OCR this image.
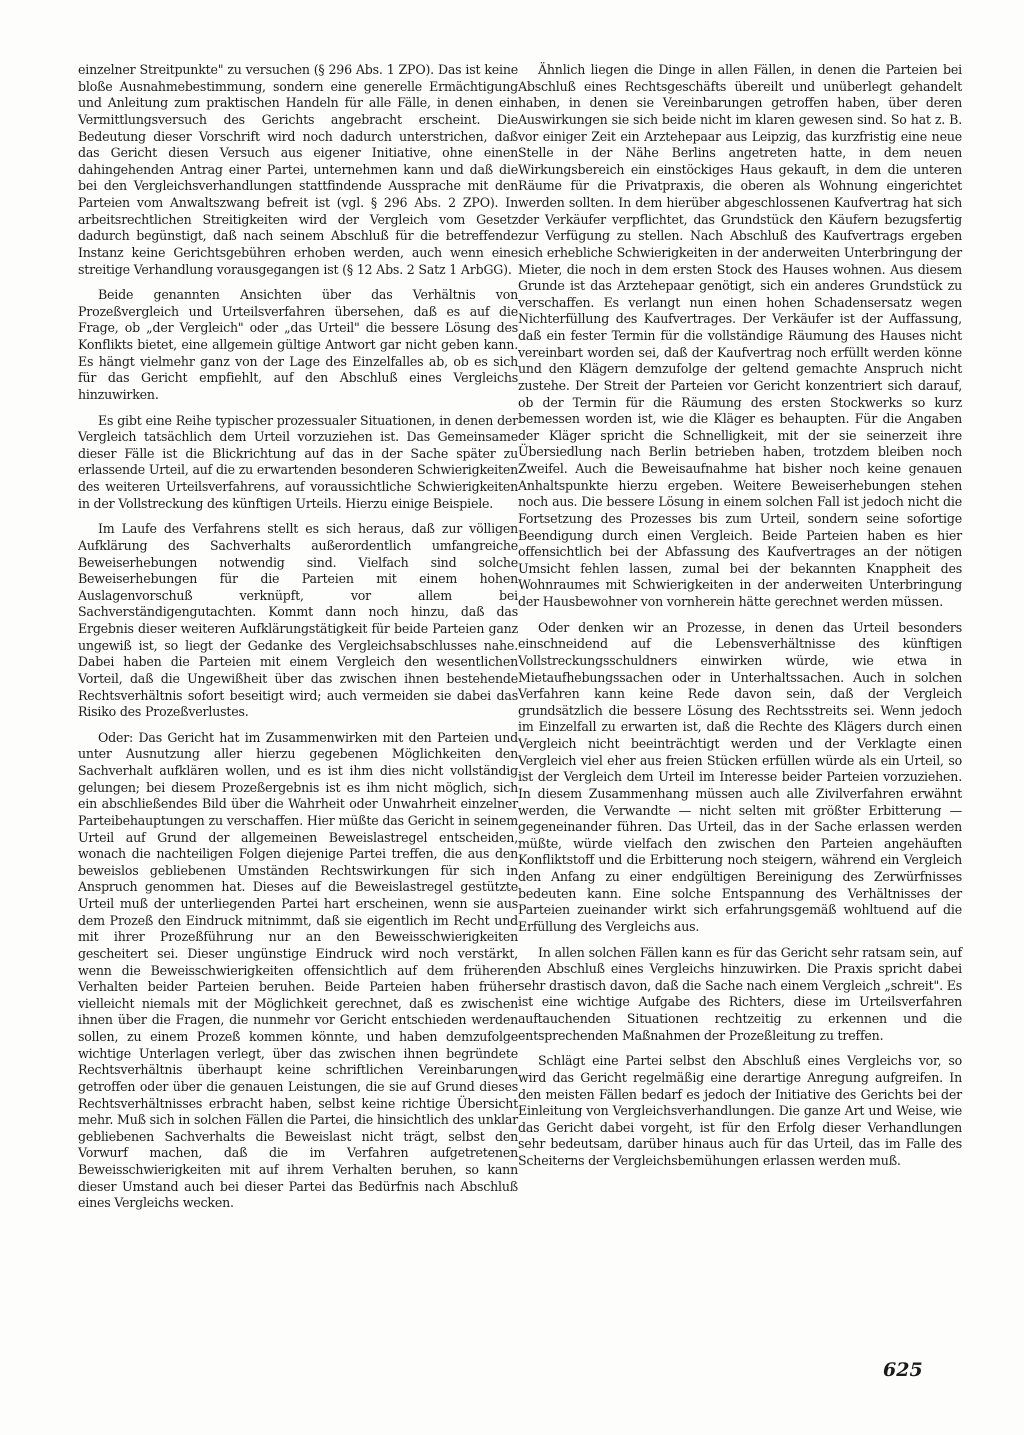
einzelner Streitpunkte" zu versuchen (§ 296 Abs. 1 ZPO). Das ist keine bloße Ausnahmebestimmung, sondern eine generelle Ermächtigung und Anleitung zum praktischen Handeln für alle Fälle, in denen ein Vermittlungsversuch des Gerichts angebracht erscheint. Die Bedeutung dieser Vorschrift wird noch dadurch unterstrichen, daß das Gericht diesen Versuch aus eigener Initiative, ohne einen dahingehenden Antrag einer Partei, unternehmen kann und daß die bei den Vergleichsverhandlungen stattfindende Aussprache mit den Parteien vom Anwaltszwang befreit ist (vgl. § 296 Abs. 2 ZPO). In arbeitsrechtlichen Streitigkeiten wird der Vergleich vom Gesetz dadurch begünstigt, daß nach seinem Abschluß für die betreffende Instanz keine Gerichtsgebühren erhoben werden, auch wenn eine streitige Verhandlung vorausgegangen ist (§ 12 Abs. 2 Satz 1 ArbGG).

Beide genannten Ansichten über das Verhältnis von Prozeßvergleich und Urteilsverfahren übersehen, daß es auf die Frage, ob „der Vergleich" oder „das Urteil" die bessere Lösung des Konflikts bietet, eine allgemein gültige Antwort gar nicht geben kann. Es hängt vielmehr ganz von der Lage des Einzelfalles ab, ob es sich für das Gericht empfiehlt, auf den Abschluß eines Vergleichs hinzuwirken.

Es gibt eine Reihe typischer prozessualer Situationen, in denen der Vergleich tatsächlich dem Urteil vorzuziehen ist. Das Gemeinsame dieser Fälle ist die Blickrichtung auf das in der Sache später zu erlassende Urteil, auf die zu erwartenden besonderen Schwierigkeiten des weiteren Urteilsverfahrens, auf voraussichtliche Schwierigkeiten in der Vollstreckung des künftigen Urteils. Hierzu einige Beispiele.

Im Laufe des Verfahrens stellt es sich heraus, daß zur völligen Aufklärung des Sachverhalts außerordentlich umfangreiche Beweiserhebungen notwendig sind. Vielfach sind solche Beweiserhebungen für die Parteien mit einem hohen Auslagenvorschuß verknüpft, vor allem bei Sachverständigengutachten. Kommt dann noch hinzu, daß das Ergebnis dieser weiteren Aufklärungstätigkeit für beide Parteien ganz ungewiß ist, so liegt der Gedanke des Vergleichsabschlusses nahe. Dabei haben die Parteien mit einem Vergleich den wesentlichen Vorteil, daß die Ungewißheit über das zwischen ihnen bestehende Rechtsverhältnis sofort beseitigt wird; auch vermeiden sie dabei das Risiko des Prozeßverlustes.

Oder: Das Gericht hat im Zusammenwirken mit den Parteien und unter Ausnutzung aller hierzu gegebenen Möglichkeiten den Sachverhalt aufklären wollen, und es ist ihm dies nicht vollständig gelungen; bei diesem Prozeßergebnis ist es ihm nicht möglich, sich ein abschließendes Bild über die Wahrheit oder Unwahrheit einzelner Parteibehauptungen zu verschaffen. Hier müßte das Gericht in seinem Urteil auf Grund der allgemeinen Beweislastregel entscheiden, wonach die nachteiligen Folgen diejenige Partei treffen, die aus den beweislos gebliebenen Umständen Rechtswirkungen für sich in Anspruch genommen hat. Dieses auf die Beweislastregel gestützte Urteil muß der unterliegenden Partei hart erscheinen, wenn sie aus dem Prozeß den Eindruck mitnimmt, daß sie eigentlich im Recht und mit ihrer Prozeßführung nur an den Beweisschwierigkeiten gescheitert sei. Dieser ungünstige Eindruck wird noch verstärkt, wenn die Beweisschwierigkeiten offensichtlich auf dem früheren Verhalten beider Parteien beruhen. Beide Parteien haben früher vielleicht niemals mit der Möglichkeit gerechnet, daß es zwischen ihnen über die Fragen, die nunmehr vor Gericht entschieden werden sollen, zu einem Prozeß kommen könnte, und haben demzufolge wichtige Unterlagen verlegt, über das zwischen ihnen begründete Rechtsverhältnis überhaupt keine schriftlichen Vereinbarungen getroffen oder über die genauen Leistungen, die sie auf Grund dieses Rechtsverhältnisses erbracht haben, selbst keine richtige Übersicht mehr. Muß sich in solchen Fällen die Partei, die hinsichtlich des unklar gebliebenen Sachverhalts die Beweislast nicht trägt, selbst den Vorwurf machen, daß die im Verfahren aufgetretenen Beweisschwierigkeiten mit auf ihrem Verhalten beruhen, so kann dieser Umstand auch bei dieser Partei das Bedürfnis nach Abschluß eines Vergleichs wecken.

Ähnlich liegen die Dinge in allen Fällen, in denen die Parteien bei Abschluß eines Rechtsgeschäfts übereilt und unüberlegt gehandelt haben, in denen sie Vereinbarungen getroffen haben, über deren Auswirkungen sie sich beide nicht im klaren gewesen sind. So hat z. B. vor einiger Zeit ein Arztehepaar aus Leipzig, das kurzfristig eine neue Stelle in der Nähe Berlins angetreten hatte, in dem neuen Wirkungsbereich ein einstöckiges Haus gekauft, in dem die unteren Räume für die Privatpraxis, die oberen als Wohnung eingerichtet werden sollten. In dem hierüber abgeschlossenen Kaufvertrag hat sich der Verkäufer verpflichtet, das Grundstück den Käufern bezugsfertig zur Verfügung zu stellen. Nach Abschluß des Kaufvertrags ergeben sich erhebliche Schwierigkeiten in der anderweiten Unterbringung der Mieter, die noch in dem ersten Stock des Hauses wohnen. Aus diesem Grunde ist das Arztehepaar genötigt, sich ein anderes Grundstück zu verschaffen. Es verlangt nun einen hohen Schadensersatz wegen Nichterfüllung des Kaufvertrages. Der Verkäufer ist der Auffassung, daß ein fester Termin für die vollständige Räumung des Hauses nicht vereinbart worden sei, daß der Kaufvertrag noch erfüllt werden könne und den Klägern demzufolge der geltend gemachte Anspruch nicht zustehe. Der Streit der Parteien vor Gericht konzentriert sich darauf, ob der Termin für die Räumung des ersten Stockwerks so kurz bemessen worden ist, wie die Kläger es behaupten. Für die Angaben der Kläger spricht die Schnelligkeit, mit der sie seinerzeit ihre Übersiedlung nach Berlin betrieben haben, trotzdem bleiben noch Zweifel. Auch die Beweisaufnahme hat bisher noch keine genauen Anhaltspunkte hierzu ergeben. Weitere Beweiserhebungen stehen noch aus. Die bessere Lösung in einem solchen Fall ist jedoch nicht die Fortsetzung des Prozesses bis zum Urteil, sondern seine sofortige Beendigung durch einen Vergleich. Beide Parteien haben es hier offensichtlich bei der Abfassung des Kaufvertrages an der nötigen Umsicht fehlen lassen, zumal bei der bekannten Knappheit des Wohnraumes mit Schwierigkeiten in der anderweiten Unterbringung der Hausbewohner von vornherein hätte gerechnet werden müssen.

Oder denken wir an Prozesse, in denen das Urteil besonders einschneidend auf die Lebensverhältnisse des künftigen Vollstreckungsschuldners einwirken würde, wie etwa in Mietaufhebungssachen oder in Unterhaltssachen. Auch in solchen Verfahren kann keine Rede davon sein, daß der Vergleich grundsätzlich die bessere Lösung des Rechtsstreits sei. Wenn jedoch im Einzelfall zu erwarten ist, daß die Rechte des Klägers durch einen Vergleich nicht beeinträchtigt werden und der Verklagte einen Vergleich viel eher aus freien Stücken erfüllen würde als ein Urteil, so ist der Vergleich dem Urteil im Interesse beider Parteien vorzuziehen. In diesem Zusammenhang müssen auch alle Zivilverfahren erwähnt werden, die Verwandte — nicht selten mit größter Erbitterung — gegeneinander führen. Das Urteil, das in der Sache erlassen werden müßte, würde vielfach den zwischen den Parteien angehäuften Konfliktstoff und die Erbitterung noch steigern, während ein Vergleich den Anfang zu einer endgültigen Bereinigung des Zerwürfnisses bedeuten kann. Eine solche Entspannung des Verhältnisses der Parteien zueinander wirkt sich erfahrungsgemäß wohltuend auf die Erfüllung des Vergleichs aus.

In allen solchen Fällen kann es für das Gericht sehr ratsam sein, auf den Abschluß eines Vergleichs hinzuwirken. Die Praxis spricht dabei sehr drastisch davon, daß die Sache nach einem Vergleich „schreit". Es ist eine wichtige Aufgabe des Richters, diese im Urteilsverfahren auftauchenden Situationen rechtzeitig zu erkennen und die entsprechenden Maßnahmen der Prozeßleitung zu treffen.

Schlägt eine Partei selbst den Abschluß eines Vergleichs vor, so wird das Gericht regelmäßig eine derartige Anregung aufgreifen. In den meisten Fällen bedarf es jedoch der Initiative des Gerichts bei der Einleitung von Vergleichsverhandlungen. Die ganze Art und Weise, wie das Gericht dabei vorgeht, ist für den Erfolg dieser Verhandlungen sehr bedeutsam, darüber hinaus auch für das Urteil, das im Falle des Scheiterns der Vergleichsbemühungen erlassen werden muß.

625
